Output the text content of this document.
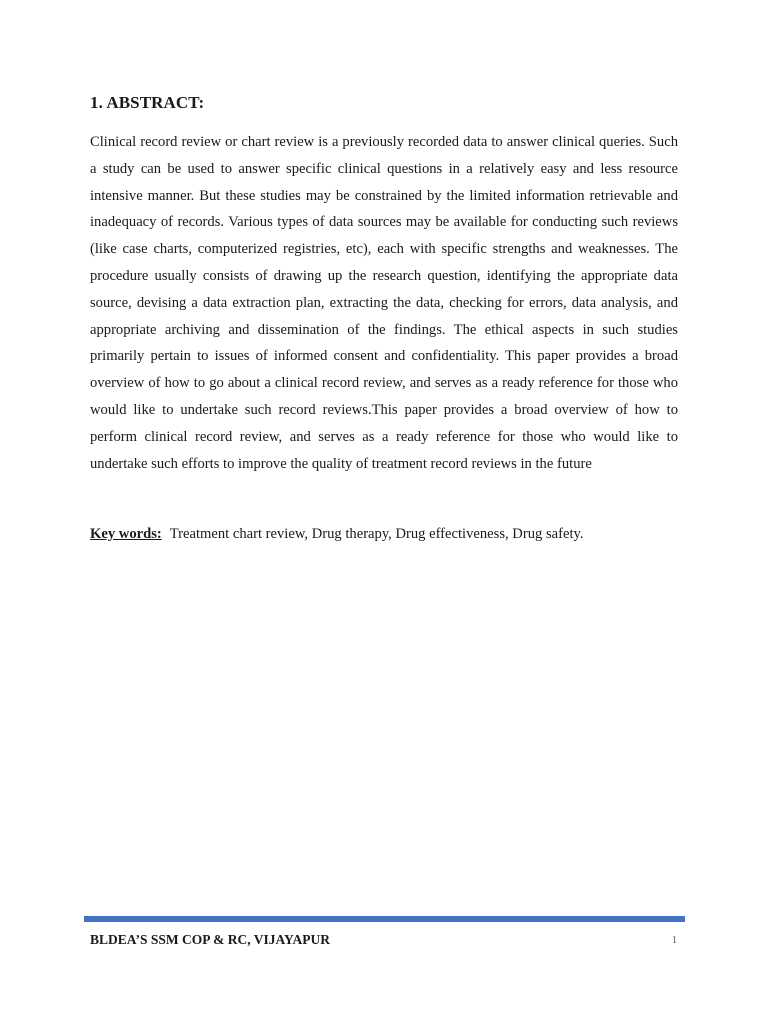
1. ABSTRACT:

Clinical record review or chart review is a previously recorded data to answer clinical queries. Such a study can be used to answer specific clinical questions in a relatively easy and less resource intensive manner. But these studies may be constrained by the limited information retrievable and inadequacy of records. Various types of data sources may be available for conducting such reviews (like case charts, computerized registries, etc), each with specific strengths and weaknesses. The procedure usually consists of drawing up the research question, identifying the appropriate data source, devising a data extraction plan, extracting the data, checking for errors, data analysis, and appropriate archiving and dissemination of the findings. The ethical aspects in such studies primarily pertain to issues of informed consent and confidentiality. This paper provides a broad overview of how to go about a clinical record review, and serves as a ready reference for those who would like to undertake such record reviews.This paper provides a broad overview of how to perform clinical record review, and serves as a ready reference for those who would like to undertake such efforts to improve the quality of treatment record reviews in the future

Key words: Treatment chart review, Drug therapy, Drug effectiveness, Drug safety.

BLDEA’S SSM COP & RC, VIJAYAPUR	1
